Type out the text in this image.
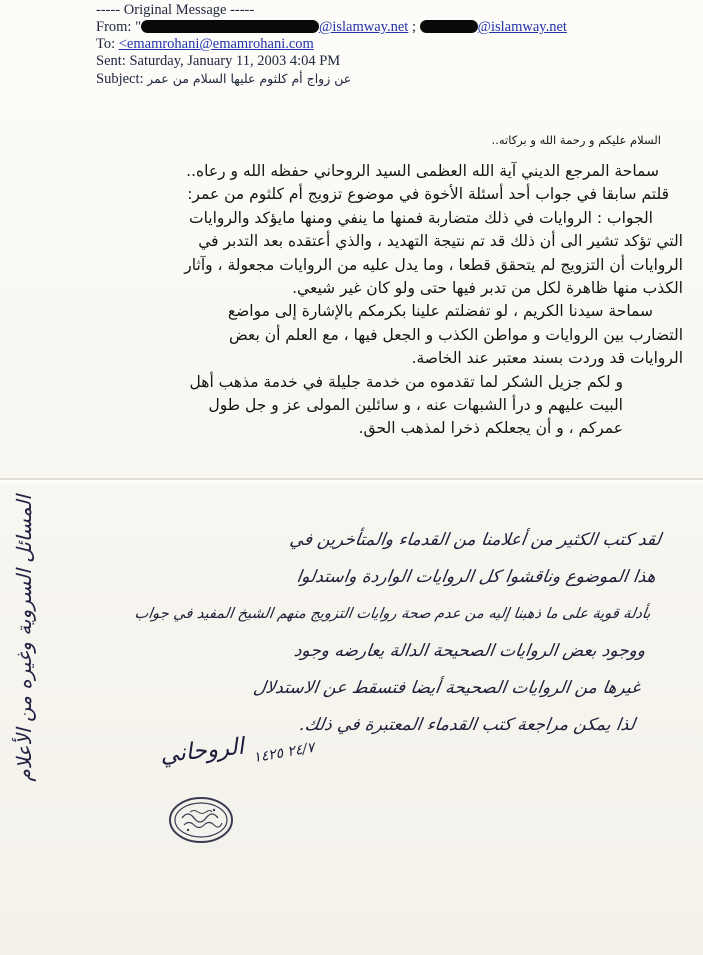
----- Original Message -----
From: "	@islamway.net ;	@islamway.net
To: <emamrohani@emamrohani.com
Sent: Saturday, January 11, 2003 4:04 PM
Subject: عن زواج أم كلثوم عليها السلام من عمر
السلام عليكم و رحمة الله و بركاته..
سماحة المرجع الديني آية الله العظمى السيد الروحاني حفظه الله و رعاه..
قلتم سابقا في جواب أحد أسئلة الأخوة في موضوع تزويج أم كلثوم من عمر:
الجواب : الروايات في ذلك متضاربة فمنها ما ينفي ومنها مايؤكد والروايات
التي تؤكد تشير الى أن ذلك قد تم نتيجة التهديد ، والذي أعتقده بعد التدبر في
الروايات أن التزويج لم يتحقق قطعا ، وما يدل عليه من الروايات مجعولة ، وآثار
الكذب منها ظاهرة لكل من تدبر فيها حتى ولو كان غير شيعي.
سماحة سيدنا الكريم ، لو تفضلتم علينا بكرمكم بالإشارة إلى مواضع
التضارب بين الروايات و مواطن الكذب و الجعل فيها ، مع العلم أن بعض
الروايات قد وردت بسند معتبر عند الخاصة.
و لكم جزيل الشكر لما تقدموه من خدمة جليلة في خدمة مذهب أهل
البيت عليهم و درأ الشبهات عنه ، و سائلين المولى عز و جل طول
عمركم ، و أن يجعلكم ذخرا لمذهب الحق.
لقد كتب الكثير من أعلامنا من القدماء والمتأخرين في
هذا الموضوع وناقشوا كل الروايات الواردة واستدلوا
بأدلة قوية على ما ذهبنا إليه من عدم صحة روايات التزويج منهم الشيخ المفيد في جواب
ووجود بعض الروايات الصحيحة الدالة يعارضه وجود
غيرها من الروايات الصحيحة أيضا فتسقط عن الاستدلال
لذا يمكن مراجعة كتب القدماء المعتبرة في ذلك.
الروحاني ٢٤/٧ ١٤٢٥
المسائل السروية وغيره من الأعلام
